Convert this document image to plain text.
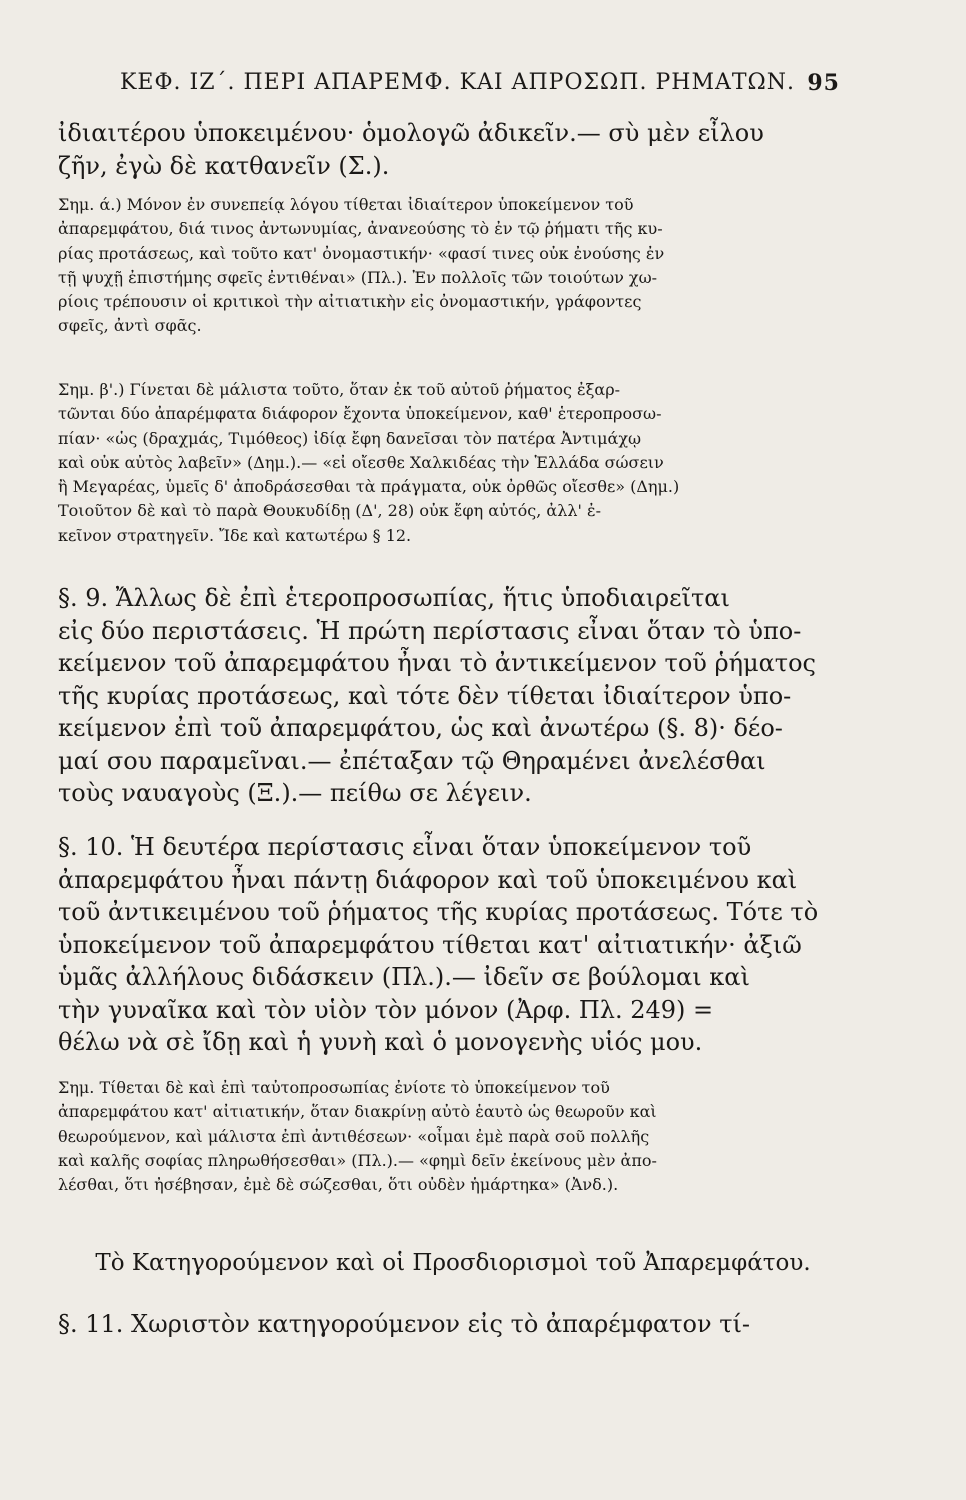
ΚΕΦ. ΙΖ΄. ΠΕΡΙ ΑΠΑΡΕΜΦ. ΚΑΙ ΑΠΡΟΣΩΠ. ΡΗΜΑΤΩΝ. 95
ἰδιαιτέρου ὑποκειμένου· ὁμολογῶ ἀδικεῖν.— σὺ μὲν εἶλου
ζῆν, ἐγὼ δὲ κατθανεῖν (Σ.).
Σημ. ά.) Μόνον ἐν συνεπείᾳ λόγου τίθεται ἰδιαίτερον ὑποκείμενον τοῦ
ἀπαρεμφάτου, διά τινος ἀντωνυμίας, ἀνανεούσης τὸ ἐν τῷ ῥήματι τῆς κυ-
ρίας προτάσεως, καὶ τοῦτο κατ' ὀνομαστικήν· «φασί τινες οὐκ ἐνούσης ἐν
τῇ ψυχῇ ἐπιστήμης σφεῖς ἐντιθέναι» (Πλ.). Ἐν πολλοῖς τῶν τοιούτων χω-
ρίοις τρέπουσιν οἱ κριτικοὶ τὴν αἰτιατικὴν εἰς ὀνομαστικήν, γράφοντες
σφεῖς, ἀντὶ σφᾶς.
Σημ. β'.) Γίνεται δὲ μάλιστα τοῦτο, ὅταν ἐκ τοῦ αὐτοῦ ῥήματος ἐξαρ-
τῶνται δύο ἀπαρέμφατα διάφορον ἔχοντα ὑποκείμενον, καθ' ἑτεροπροσω-
πίαν· «ὡς (δραχμάς, Τιμόθεος) ἰδίᾳ ἔφη δανεῖσαι τὸν πατέρα Ἀντιμάχῳ
καὶ οὐκ αὐτὸς λαβεῖν» (Δημ.).— «εἰ οἴεσθε Χαλκιδέας τὴν Ἑλλάδα σώσειν
ἢ Μεγαρέας, ὑμεῖς δ' ἀποδράσεσθαι τὰ πράγματα, οὐκ ὀρθῶς οἴεσθε» (Δημ.)
Τοιοῦτον δὲ καὶ τὸ παρὰ Θουκυδίδῃ (Δ', 28) οὐκ ἔφη αὐτός, ἀλλ' ἐ-
κεῖνον στρατηγεῖν. Ἴδε καὶ κατωτέρω § 12.
§. 9. Ἄλλως δὲ ἐπὶ ἑτεροπροσωπίας, ἥτις ὑποδιαιρεῖται
εἰς δύο περιστάσεις. Ἡ πρώτη περίστασις εἶναι ὅταν τὸ ὑπο-
κείμενον τοῦ ἀπαρεμφάτου ἦναι τὸ ἀντικείμενον τοῦ ῥήματος
τῆς κυρίας προτάσεως, καὶ τότε δὲν τίθεται ἰδιαίτερον ὑπο-
κείμενον ἐπὶ τοῦ ἀπαρεμφάτου, ὡς καὶ ἀνωτέρω (§. 8)· δέο-
μαί σου παραμεῖναι.— ἐπέταξαν τῷ Θηραμένει ἀνελέσθαι
τοὺς ναυαγοὺς (Ξ.).— πείθω σε λέγειν.
§. 10. Ἡ δευτέρα περίστασις εἶναι ὅταν ὑποκείμενον τοῦ
ἀπαρεμφάτου ἦναι πάντῃ διάφορον καὶ τοῦ ὑποκειμένου καὶ
τοῦ ἀντικειμένου τοῦ ῥήματος τῆς κυρίας προτάσεως. Τότε τὸ
ὑποκείμενον τοῦ ἀπαρεμφάτου τίθεται κατ' αἰτιατικήν· ἀξιῶ
ὑμᾶς ἀλλήλους διδάσκειν (Πλ.).— ἰδεῖν σε βούλομαι καὶ
τὴν γυναῖκα καὶ τὸν υἱὸν τὸν μόνον (Ἀρφ. Πλ. 249) =
θέλω νὰ σὲ ἴδῃ καὶ ἡ γυνὴ καὶ ὁ μονογενὴς υἱός μου.
Σημ. Τίθεται δὲ καὶ ἐπὶ ταὐτοπροσωπίας ἐνίοτε τὸ ὑποκείμενον τοῦ
ἀπαρεμφάτου κατ' αἰτιατικήν, ὅταν διακρίνῃ αὐτὸ ἑαυτὸ ὡς θεωροῦν καὶ
θεωρούμενον, καὶ μάλιστα ἐπὶ ἀντιθέσεων· «οἶμαι ἐμὲ παρὰ σοῦ πολλῆς
καὶ καλῆς σοφίας πληρωθήσεσθαι» (Πλ.).— «φημὶ δεῖν ἐκείνους μὲν ἀπο-
λέσθαι, ὅτι ἠσέβησαν, ἐμὲ δὲ σώζεσθαι, ὅτι οὐδὲν ἡμάρτηκα» (Ἀνδ.).
Τὸ Κατηγορούμενον καὶ οἱ Προσδιορισμοὶ τοῦ Ἀπαρεμφάτου.
§. 11. Χωριστὸν κατηγορούμενον εἰς τὸ ἀπαρέμφατον τί-
